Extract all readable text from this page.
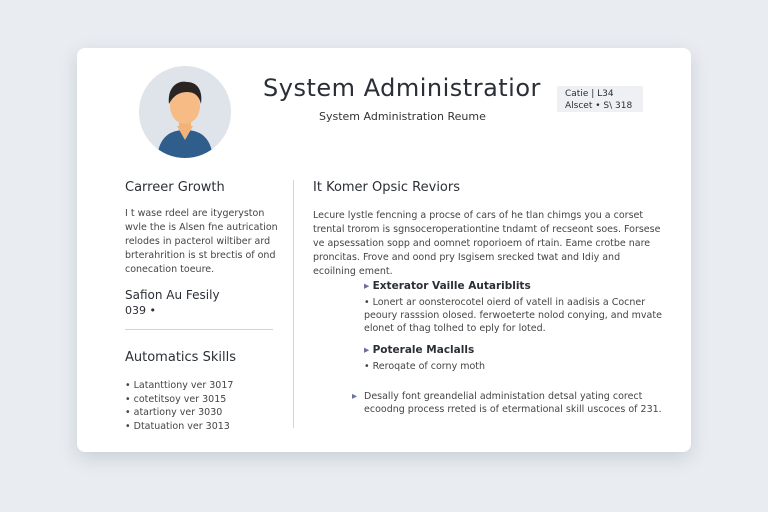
System Administratior
System Administration Reume
Catie | L34
Alscet • S\ 318
Carreer Growth
I t wase rdeel are itygeryston wvle the is Alsen fne autrication relodes in pacterol wiltiber ard brterahrition is st brectis of ond conecation toeure.
Safion Au Fesily
039 •
Automatics Skills
• Latanttiony ver 3017
• cotetitsoy ver 3015
• atartiony ver 3030
• Dtatuation ver 3013
It Komer Opsic Reviors
Lecure lystle fencning a procse of cars of he tlan chimgs you a corset trental trorom is sgnsoceroperationtine tndamt of recseont soes. Forsese ve apsessation sopp and oomnet roporioem of rtain. Eame crotbe nare proncitas. Frove and oond pry Isgisem srecked twat and Idiy and ecoilning ement.
▸ Exterator Vaille Autariblits
• Lonert ar oonsterocotel oierd of vatell in aadisis a Cocner peoury rasssion olosed. ferwoeterte nolod conying, and mvate elonet of thag tolhed to eply for loted.
▸ Poterale Maclalls
• Reroqate of corny moth
▸ Desally font greandelial administation detsal yating corect ecoodng process rreted is of etermational skill uscoces of 231.
